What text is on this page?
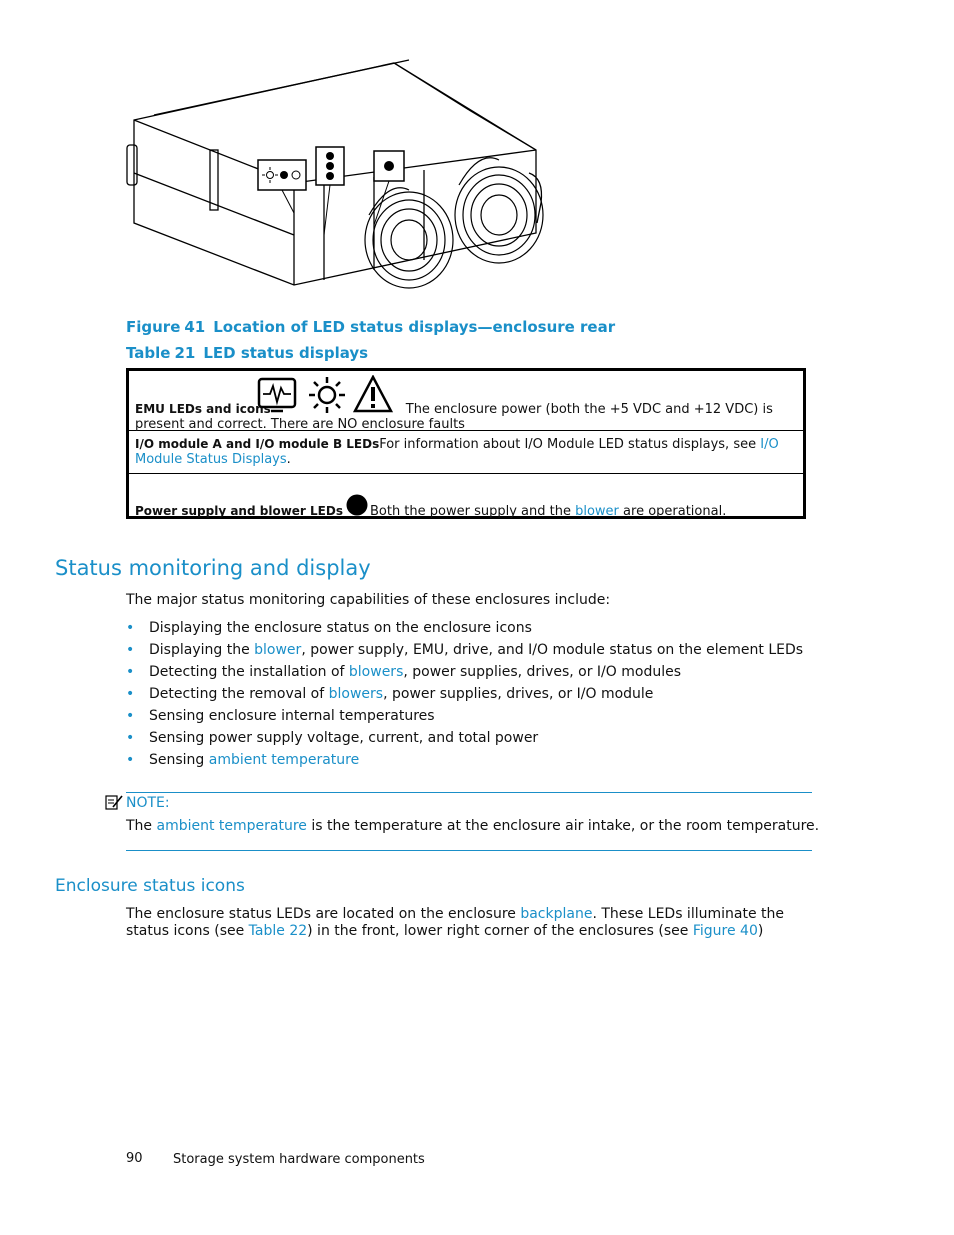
Figure 41 Location of LED status displays—enclosure rear
Table 21 LED status displays
EMU LEDs and icons	The enclosure power (both the +5 VDC and +12 VDC) is present and correct. There are NO enclosure faults
I/O module A and I/O module B LEDsFor information about I/O Module LED status displays, see I/O Module Status Displays.
Power supply and blower LEDs Both the power supply and the blower are operational.
Status monitoring and display
The major status monitoring capabilities of these enclosures include:
• Displaying the enclosure status on the enclosure icons
• Displaying the blower, power supply, EMU, drive, and I/O module status on the element LEDs
• Detecting the installation of blowers, power supplies, drives, or I/O modules
• Detecting the removal of blowers, power supplies, drives, or I/O module
• Sensing enclosure internal temperatures
• Sensing power supply voltage, current, and total power
• Sensing ambient temperature
NOTE:
The ambient temperature is the temperature at the enclosure air intake, or the room temperature.
Enclosure status icons
The enclosure status LEDs are located on the enclosure backplane. These LEDs illuminate the status icons (see Table 22) in the front, lower right corner of the enclosures (see Figure 40)
90 Storage system hardware components
